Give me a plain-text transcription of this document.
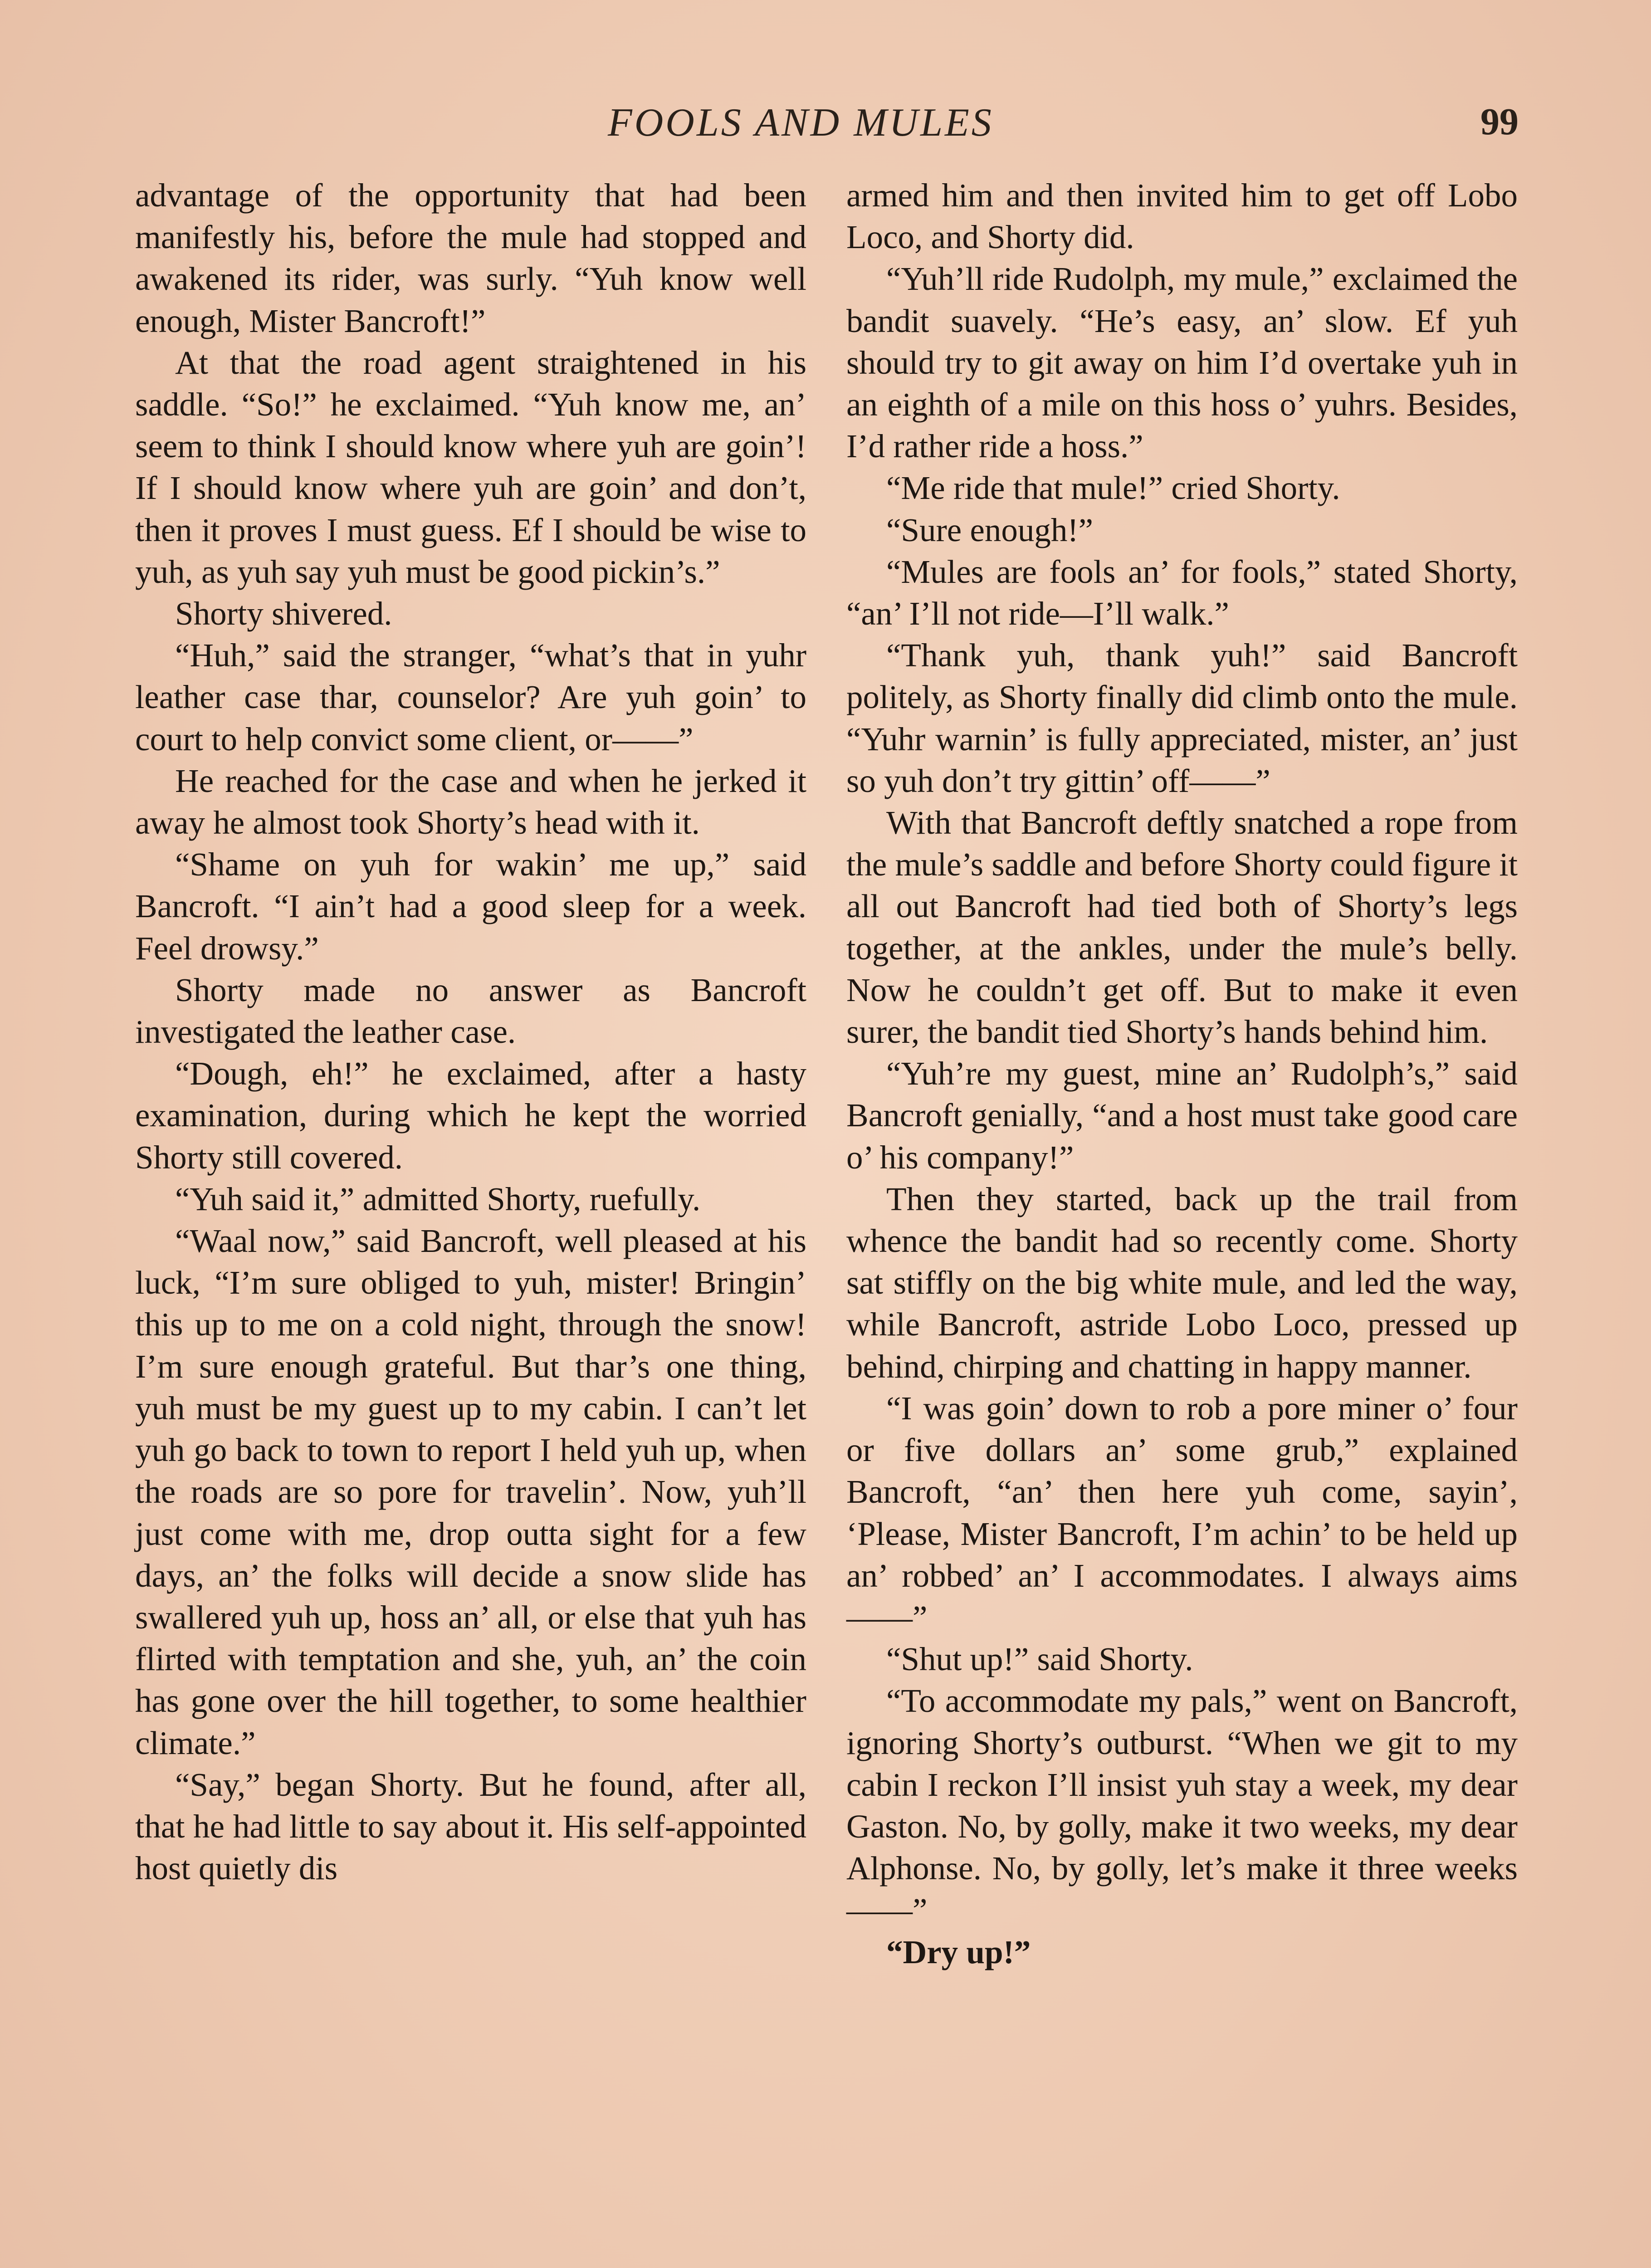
FOOLS AND MULES	99

advantage of the opportunity that had been manifestly his, before the mule had stopped and awakened its rider, was surly. “Yuh know well enough, Mister Bancroft!”

At that the road agent straightened in his saddle. “So!” he exclaimed. “Yuh know me, an’ seem to think I should know where yuh are goin’! If I should know where yuh are goin’ and don’t, then it proves I must guess. Ef I should be wise to yuh, as yuh say yuh must be good pickin’s.”

Shorty shivered.

“Huh,” said the stranger, “what’s that in yuhr leather case thar, counselor? Are yuh goin’ to court to help convict some client, or——”

He reached for the case and when he jerked it away he almost took Shorty’s head with it.

“Shame on yuh for wakin’ me up,” said Bancroft. “I ain’t had a good sleep for a week. Feel drowsy.”

Shorty made no answer as Bancroft investigated the leather case.

“Dough, eh!” he exclaimed, after a hasty examination, during which he kept the worried Shorty still covered.

“Yuh said it,” admitted Shorty, ruefully.

“Waal now,” said Bancroft, well pleased at his luck, “I’m sure obliged to yuh, mister! Bringin’ this up to me on a cold night, through the snow! I’m sure enough grateful. But thar’s one thing, yuh must be my guest up to my cabin. I can’t let yuh go back to town to report I held yuh up, when the roads are so pore for travelin’. Now, yuh’ll just come with me, drop outta sight for a few days, an’ the folks will decide a snow slide has swallered yuh up, hoss an’ all, or else that yuh has flirted with temptation and she, yuh, an’ the coin has gone over the hill together, to some healthier climate.”

“Say,” began Shorty. But he found, after all, that he had little to say about it. His self-appointed host quietly dis

armed him and then invited him to get off Lobo Loco, and Shorty did.

“Yuh’ll ride Rudolph, my mule,” exclaimed the bandit suavely. “He’s easy, an’ slow. Ef yuh should try to git away on him I’d overtake yuh in an eighth of a mile on this hoss o’ yuhrs. Besides, I’d rather ride a hoss.”

“Me ride that mule!” cried Shorty.

“Sure enough!”

“Mules are fools an’ for fools,” stated Shorty, “an’ I’ll not ride—I’ll walk.”

“Thank yuh, thank yuh!” said Bancroft politely, as Shorty finally did climb onto the mule. “Yuhr warnin’ is fully appreciated, mister, an’ just so yuh don’t try gittin’ off——”

With that Bancroft deftly snatched a rope from the mule’s saddle and before Shorty could figure it all out Bancroft had tied both of Shorty’s legs together, at the ankles, under the mule’s belly. Now he couldn’t get off. But to make it even surer, the bandit tied Shorty’s hands behind him.

“Yuh’re my guest, mine an’ Rudolph’s,” said Bancroft genially, “and a host must take good care o’ his company!”

Then they started, back up the trail from whence the bandit had so recently come. Shorty sat stiffly on the big white mule, and led the way, while Bancroft, astride Lobo Loco, pressed up behind, chirping and chatting in happy manner.

“I was goin’ down to rob a pore miner o’ four or five dollars an’ some grub,” explained Bancroft, “an’ then here yuh come, sayin’, ‘Please, Mister Bancroft, I’m achin’ to be held up an’ robbed’ an’ I accommodates. I always aims——”

“Shut up!” said Shorty.

“To accommodate my pals,” went on Bancroft, ignoring Shorty’s outburst. “When we git to my cabin I reckon I’ll insist yuh stay a week, my dear Gaston. No, by golly, make it two weeks, my dear Alphonse. No, by golly, let’s make it three weeks——”

“Dry up!”
